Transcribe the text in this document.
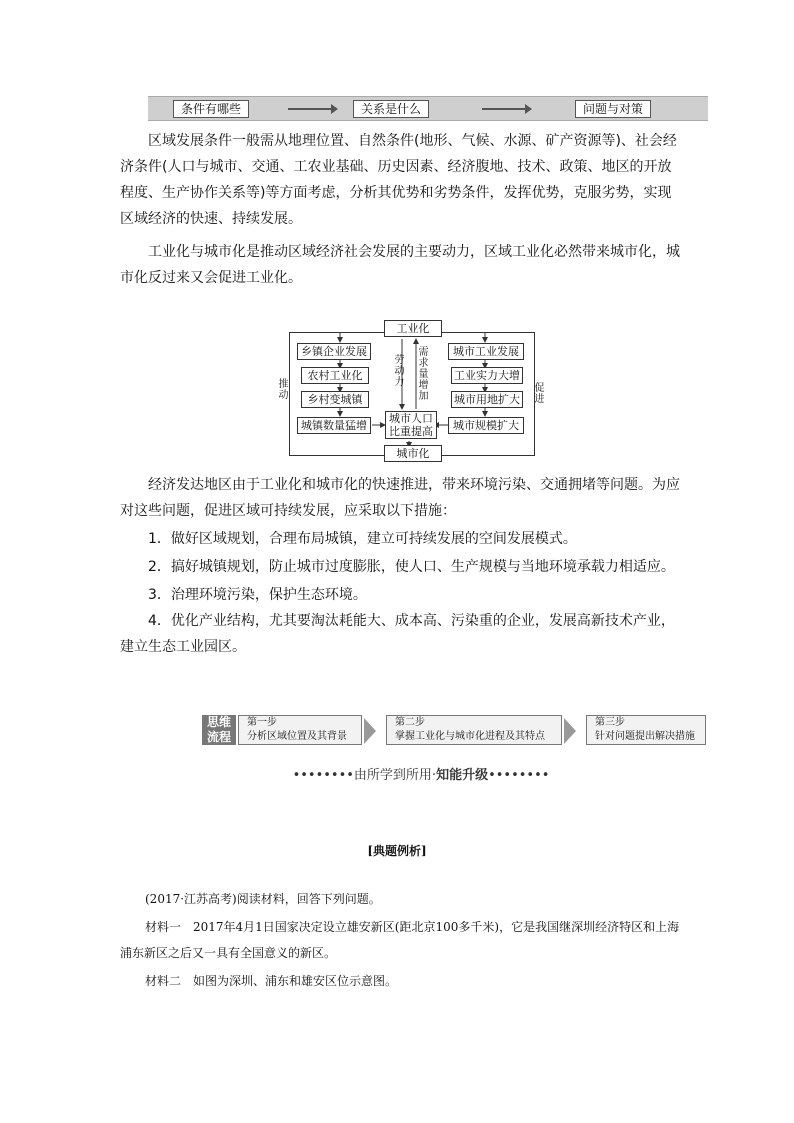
条件有哪些	关系是什么	问题与对策
区域发展条件一般需从地理位置、自然条件(地形、气候、水源、矿产资源等)、社会经济条件(人口与城市、交通、工农业基础、历史因素、经济腹地、技术、政策、地区的开放程度、生产协作关系等)等方面考虑，分析其优势和劣势条件，发挥优势，克服劣势，实现区域经济的快速、持续发展。
工业化与城市化是推动区域经济社会发展的主要动力，区域工业化必然带来城市化，城市化反过来又会促进工业化。
工业化
城市化
乡镇企业发展
农村工业化
乡村变城镇
城镇数量猛增
城市工业发展
工业实力大增
城市用地扩大
城市规模扩大
城市人口
比重提高
劳动力
需求量增加
推动
促进
经济发达地区由于工业化和城市化的快速推进，带来环境污染、交通拥堵等问题。为应对这些问题，促进区域可持续发展，应采取以下措施：
1．做好区域规划，合理布局城镇，建立可持续发展的空间发展模式。
2．搞好城镇规划，防止城市过度膨胀，使人口、生产规模与当地环境承载力相适应。
3．治理环境污染，保护生态环境。
4．优化产业结构，尤其要淘汰耗能大、成本高、污染重的企业，发展高新技术产业，建立生态工业园区。
思维
流程
第一步
分析区域位置及其背景
第二步
掌握工业化与城市化进程及其特点
第三步
针对问题提出解决措施
••••••••由所学到所用·知能升级••••••••
[典题例析]
(2017·江苏高考)阅读材料，回答下列问题。
材料一　2017年4月1日国家决定设立雄安新区(距北京100多千米)，它是我国继深圳经济特区和上海浦东新区之后又一具有全国意义的新区。
材料二　如图为深圳、浦东和雄安区位示意图。
